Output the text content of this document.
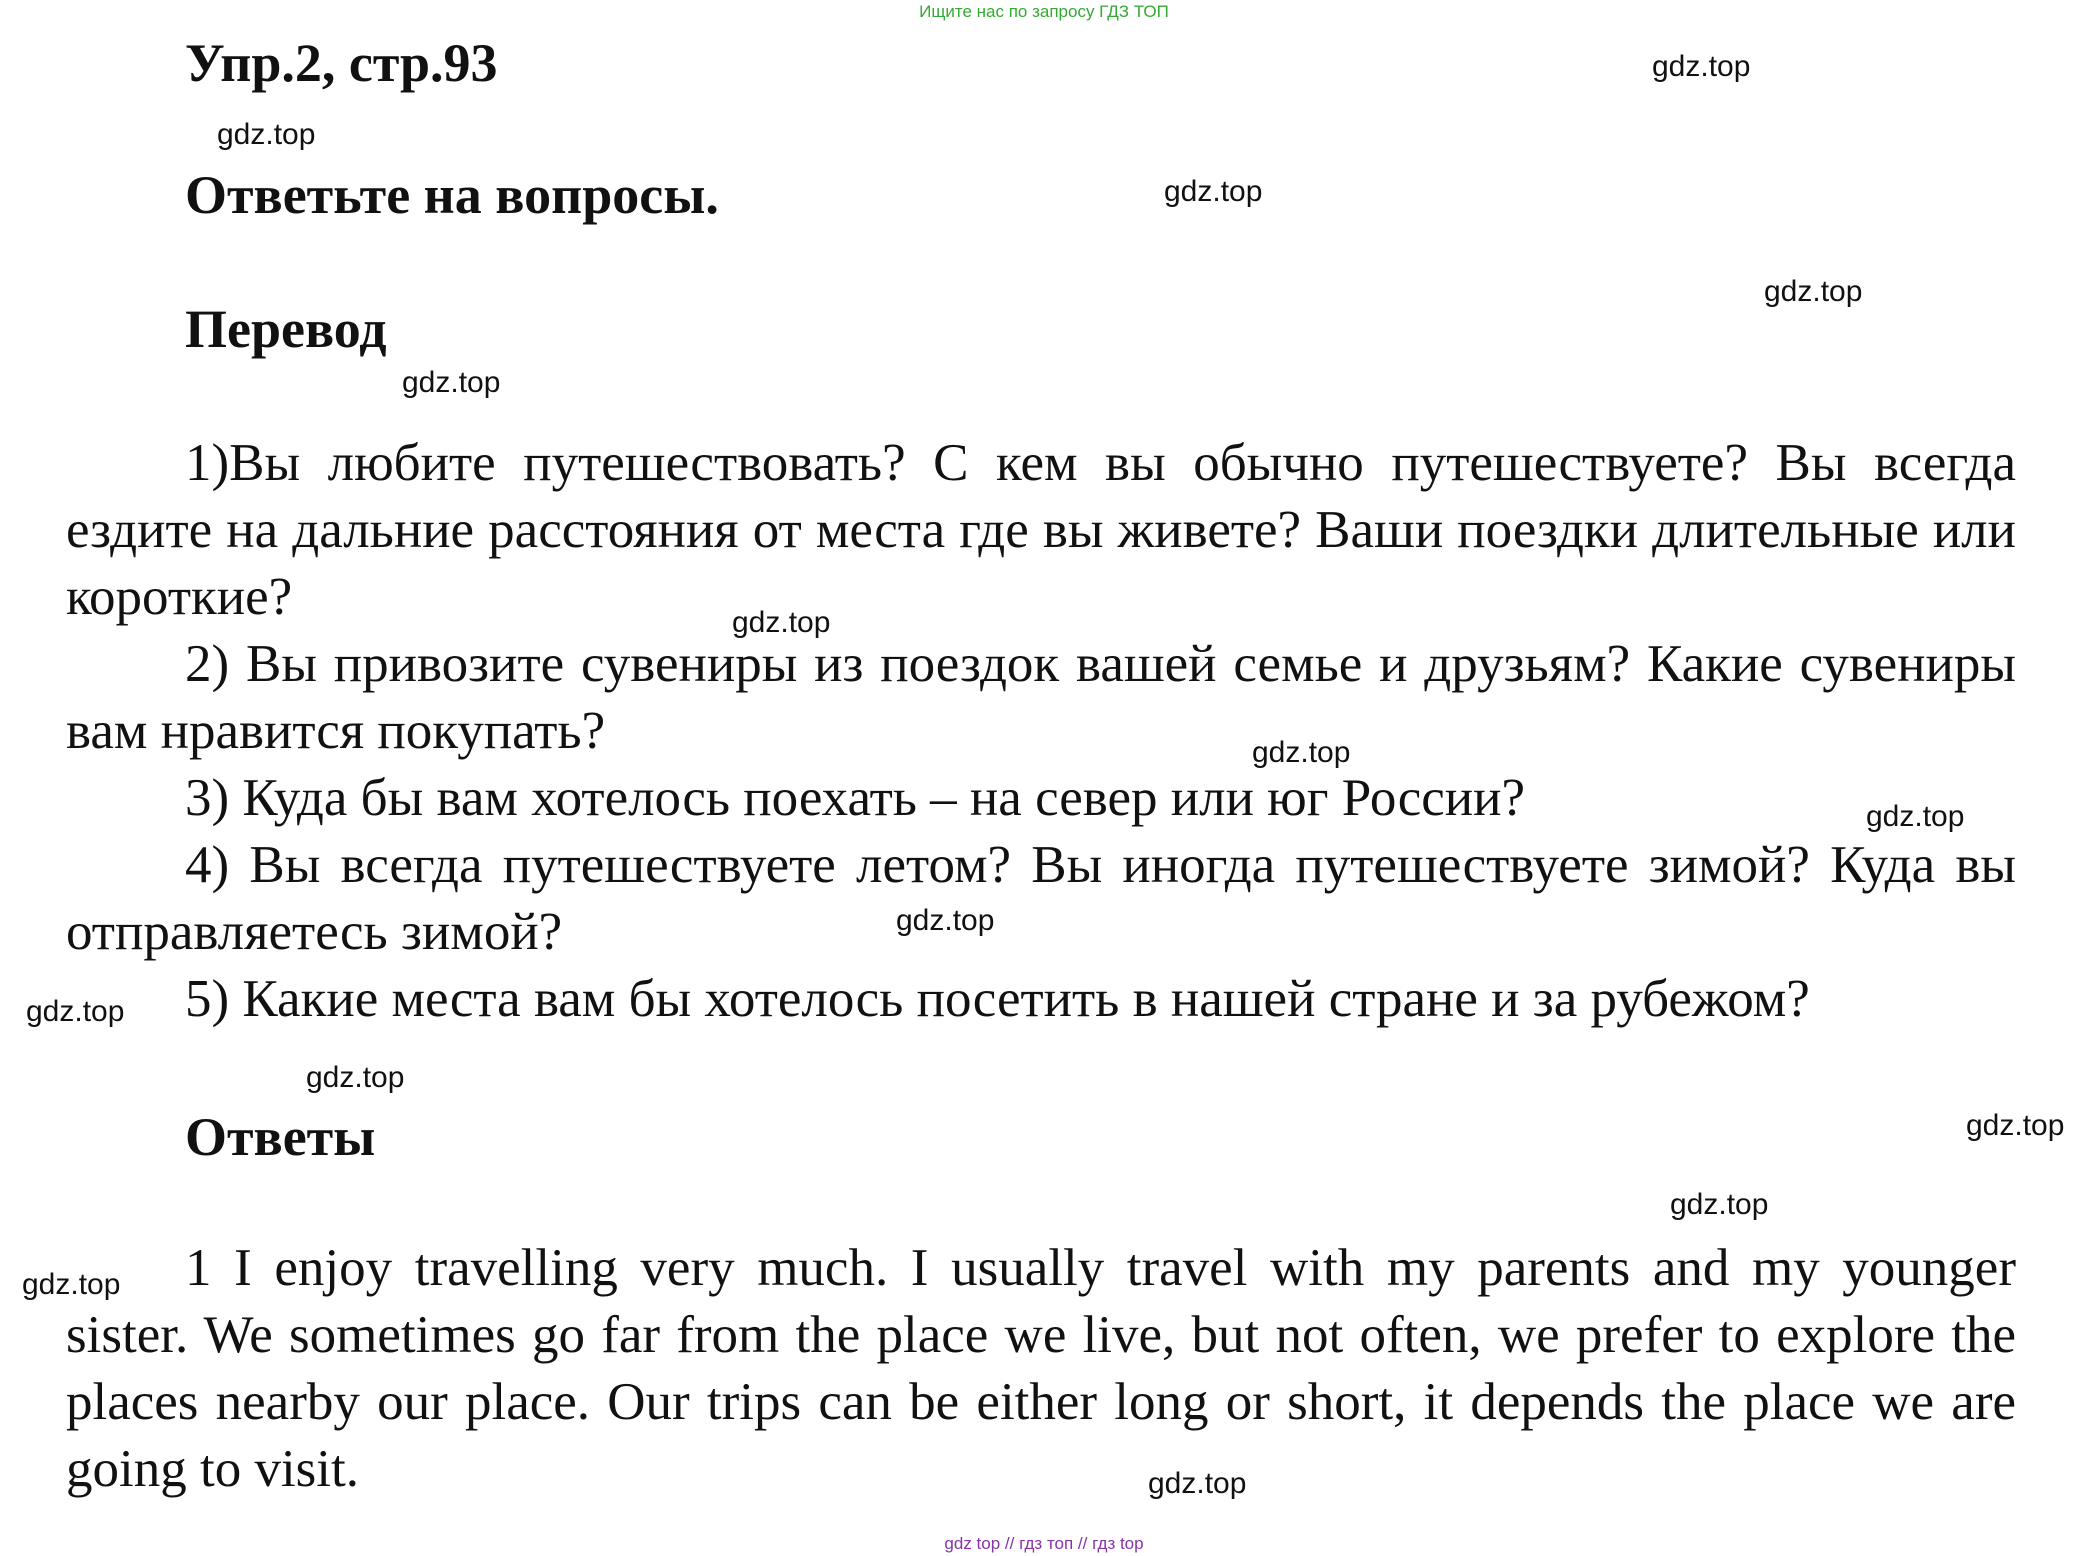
Ищите нас по запросу ГДЗ ТОП
Упр.2, стр.93
Ответьте на вопросы.
Перевод

1)Вы любите путешествовать? С кем вы обычно путешествуете? Вы всегда ездите на дальние расстояния от места где вы живете? Ваши поездки длительные или короткие?

2) Вы привозите сувениры из поездок вашей семье и друзьям? Какие сувениры вам нравится покупать?

3) Куда бы вам хотелось поехать – на север или юг России?

4) Вы всегда путешествуете летом? Вы иногда путешествуете зимой? Куда вы отправляетесь зимой?

5) Какие места вам бы хотелось посетить в нашей стране и за рубежом?

Ответы

1 I enjoy travelling very much. I usually travel with my parents and my younger sister. We sometimes go far from the place we live, but not often, we prefer to explore the places nearby our place. Our trips can be either long or short, it depends the place we are going to visit.

gdz.top
gdz.top
gdz.top
gdz.top
gdz.top
gdz.top
gdz.top
gdz.top
gdz.top
gdz.top
gdz.top
gdz.top
gdz.top
gdz.top
gdz.top
gdz top // гдз топ // гдз top
